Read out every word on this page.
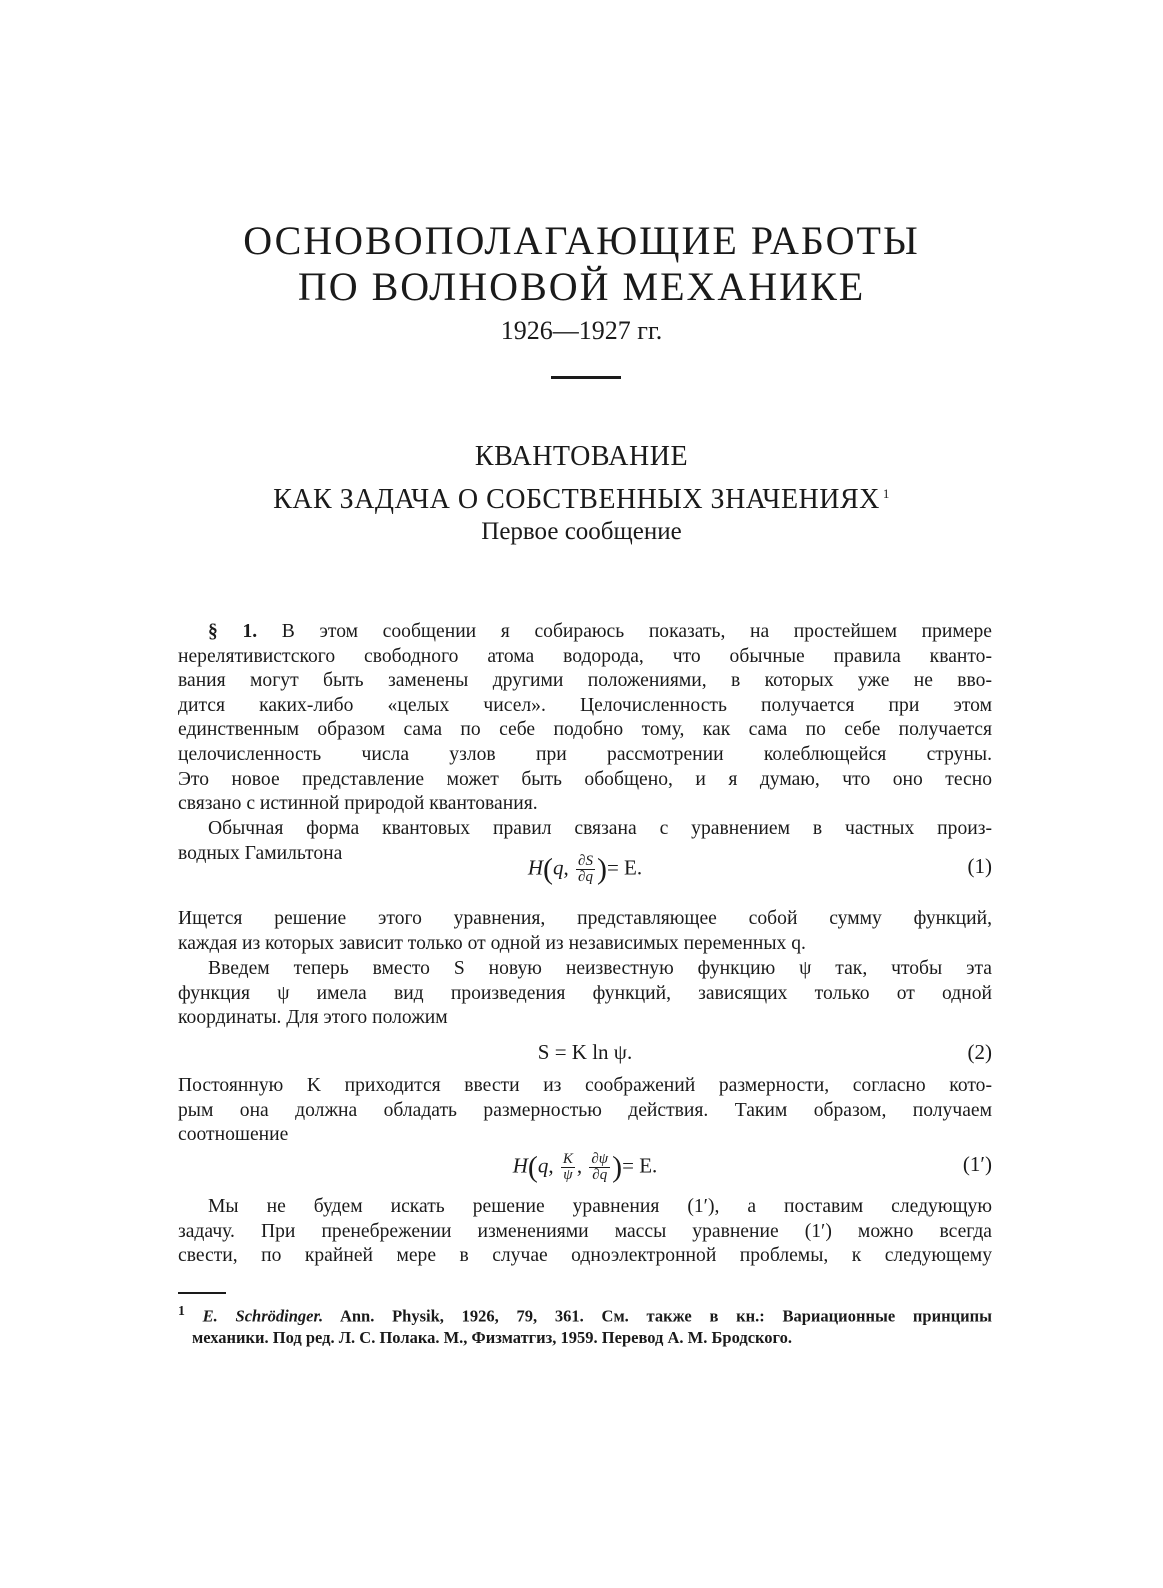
ОСНОВОПОЛАГАЮЩИЕ РАБОТЫ
ПО ВОЛНОВОЙ МЕХАНИКЕ
1926—1927 гг.
КВАНТОВАНИЕ
КАК ЗАДАЧА О СОБСТВЕННЫХ ЗНАЧЕНИЯХ $^1$
Первое сообщение
§ 1. В этом сообщении я собираюсь показать, на простейшем примере
нерелятивистского свободного атома водорода, что обычные правила кванто-
вания могут быть заменены другими положениями, в которых уже не вво-
дится каких-либо «целых чисел». Целочисленность получается при этом
единственным образом сама по себе подобно тому, как сама по себе получается
целочисленность числа узлов при рассмотрении колеблющейся струны.
Это новое представление может быть обобщено, и я думаю, что оно тесно
связано с истинной природой квантования.
Обычная форма квантовых правил связана с уравнением в частных произ-
водных Гамильтона
H(q, $\frac{\partial S}{\partial q}$ )= E.	(1)
Ищется решение этого уравнения, представляющее собой сумму функций,
каждая из которых зависит только от одной из независимых переменных q.
Введем теперь вместо S новую неизвестную функцию ψ так, чтобы эта
функция ψ имела вид произведения функций, зависящих только от одной
координаты. Для этого положим
S = K ln ψ.	(2)
Постоянную K приходится ввести из соображений размерности, согласно кото-
рым она должна обладать размерностью действия. Таким образом, получаем
соотношение
H(q, $\frac{K}{\psi}$ , $\frac{\partial\psi}{\partial q}$ )= E.	(1′)
Мы не будем искать решение уравнения (1′), а поставим следующую
задачу. При пренебрежении изменениями массы уравнение (1′) можно всегда
свести, по крайней мере в случае одноэлектронной проблемы, к следующему
$^1$ E. Schrödinger. Ann. Physik, 1926, 79, 361. См. также в кн.: Вариационные принципы
механики. Под ред. Л. С. Полака. М., Физматгиз, 1959. Перевод А. М. Бродского.
